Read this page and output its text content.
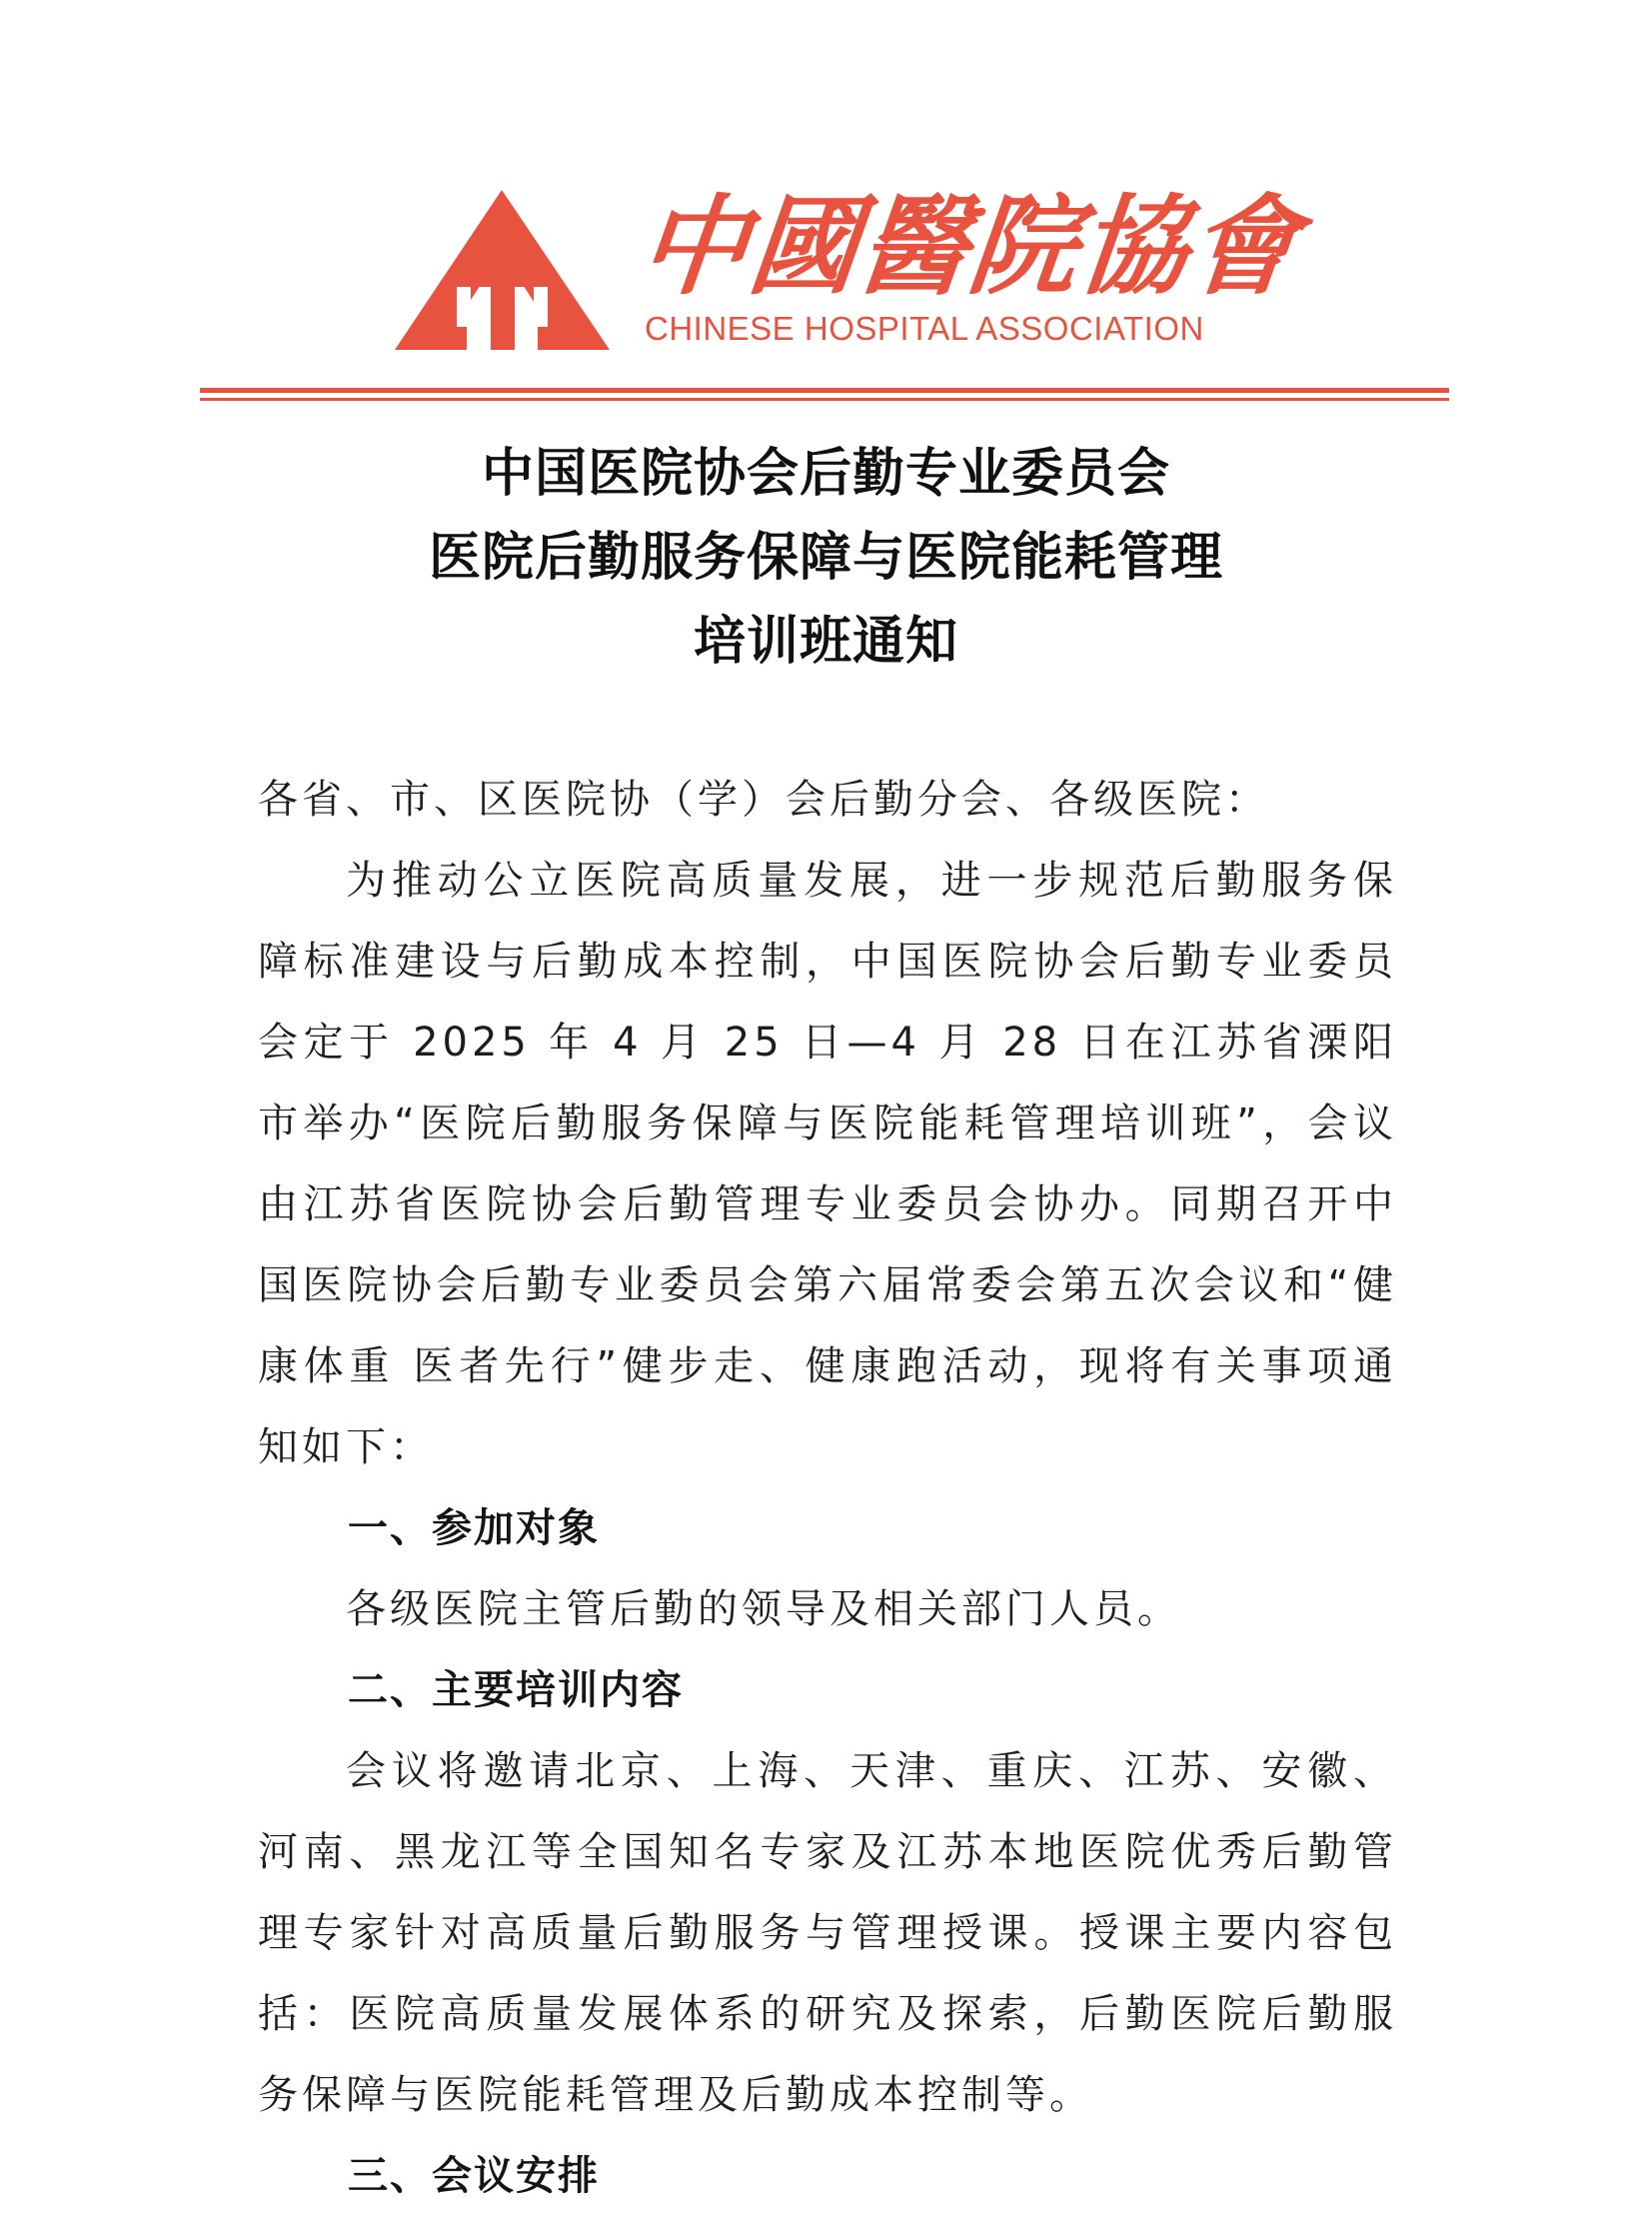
中國醫院協會
CHINESE HOSPITAL ASSOCIATION
中国医院协会后勤专业委员会
医院后勤服务保障与医院能耗管理
培训班通知

各省、市、区医院协（学）会后勤分会、各级医院：

为推动公立医院高质量发展，进一步规范后勤服务保障标准建设与后勤成本控制，中国医院协会后勤专业委员会定于 2025 年 4 月 25 日—4 月 28 日在江苏省溧阳市举办“医院后勤服务保障与医院能耗管理培训班”，会议由江苏省医院协会后勤管理专业委员会协办。同期召开中国医院协会后勤专业委员会第六届常委会第五次会议和“健康体重 医者先行”健步走、健康跑活动，现将有关事项通知如下：

一、参加对象

各级医院主管后勤的领导及相关部门人员。

二、主要培训内容

会议将邀请北京、上海、天津、重庆、江苏、安徽、河南、黑龙江等全国知名专家及江苏本地医院优秀后勤管理专家针对高质量后勤服务与管理授课。授课主要内容包括：医院高质量发展体系的研究及探索，后勤医院后勤服务保障与医院能耗管理及后勤成本控制等。

三、会议安排
